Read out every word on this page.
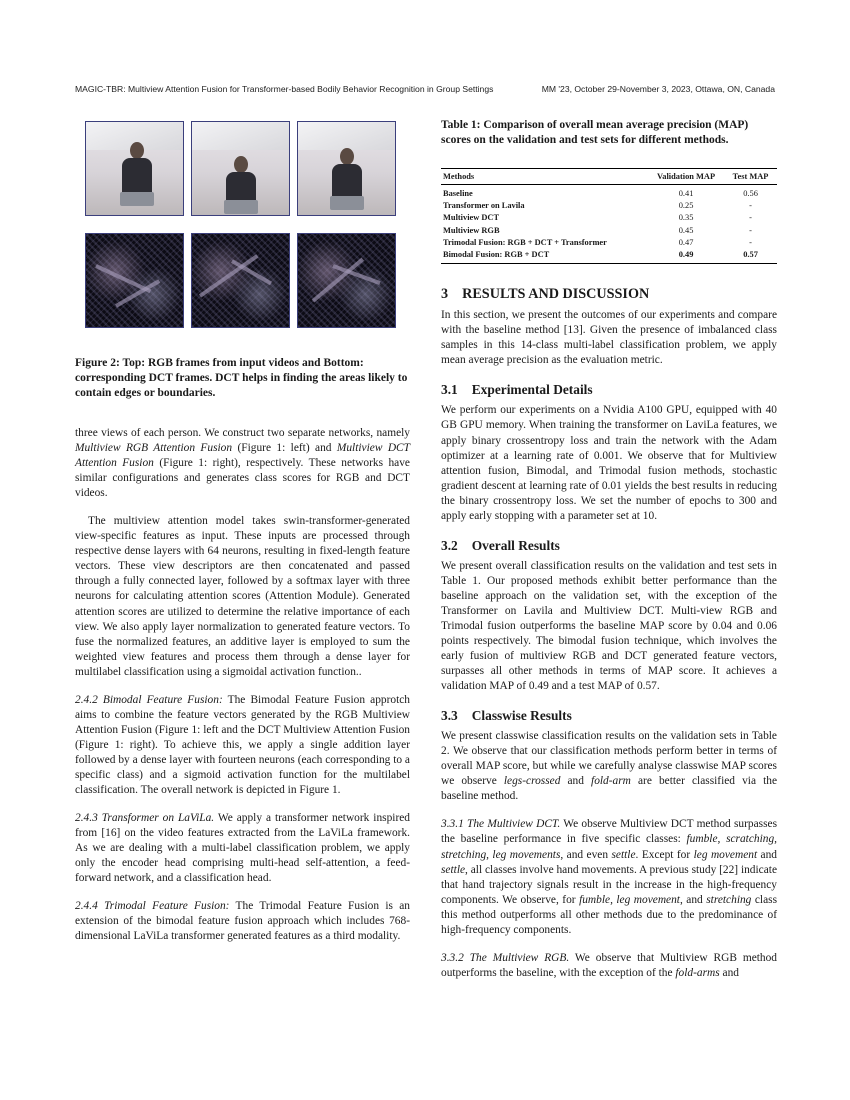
MAGIC-TBR: Multiview Attention Fusion for Transformer-based Bodily Behavior Recognition in Group Settings	MM '23, October 29-November 3, 2023, Ottawa, ON, Canada
Figure 2: Top: RGB frames from input videos and Bottom: corresponding DCT frames. DCT helps in finding the areas likely to contain edges or boundaries.

three views of each person. We construct two separate networks, namely Multiview RGB Attention Fusion (Figure 1: left) and Multiview DCT Attention Fusion (Figure 1: right), respectively. These networks have similar configurations and generates class scores for RGB and DCT videos.

The multiview attention model takes swin-transformer-generated view-specific features as input. These inputs are processed through respective dense layers with 64 neurons, resulting in fixed-length feature vectors. These view descriptors are then concatenated and passed through a fully connected layer, followed by a softmax layer with three neurons for calculating attention scores (Attention Module). Generated attention scores are utilized to determine the relative importance of each view. We also apply layer normalization to generated feature vectors. To fuse the normalized features, an additive layer is employed to sum the weighted view features and process them through a dense layer for multilabel classification using a sigmoidal activation function..

2.4.2 Bimodal Feature Fusion: The Bimodal Feature Fusion approtch aims to combine the feature vectors generated by the RGB Multiview Attention Fusion (Figure 1: left and the DCT Multiview Attention Fusion (Figure 1: right). To achieve this, we apply a single addition layer followed by a dense layer with fourteen neurons (each corresponding to a specific class) and a sigmoid activation function for the multilabel classification. The overall network is depicted in Figure 1.

2.4.3 Transformer on LaViLa. We apply a transformer network inspired from [16] on the video features extracted from the LaViLa framework. As we are dealing with a multi-label classification problem, we apply only the encoder head comprising multi-head self-attention, a feed-forward network, and a classification head.

2.4.4 Trimodal Feature Fusion: The Trimodal Feature Fusion is an extension of the bimodal feature fusion approach which includes 768-dimensional LaViLa transformer generated features as a third modality.

Table 1: Comparison of overall mean average precision (MAP) scores on the validation and test sets for different methods.
Methods	Validation MAP	Test MAP
Baseline	0.41	0.56
Transformer on Lavila	0.25	-
Multiview DCT	0.35	-
Multiview RGB	0.45	-
Trimodal Fusion: RGB + DCT + Transformer	0.47	-
Bimodal Fusion: RGB + DCT	0.49	0.57
3 RESULTS AND DISCUSSION

In this section, we present the outcomes of our experiments and compare with the baseline method [13]. Given the presence of imbalanced class samples in this 14-class multi-label classification problem, we apply mean average precision as the evaluation metric.

3.1 Experimental Details

We perform our experiments on a Nvidia A100 GPU, equipped with 40 GB GPU memory. When training the transformer on LaviLa features, we apply binary crossentropy loss and train the network with the Adam optimizer at a learning rate of 0.001. We observe that for Multiview attention fusion, Bimodal, and Trimodal fusion methods, stochastic gradient descent at learning rate of 0.01 yields the best results in reducing the binary crossentropy loss. We set the number of epochs to 300 and apply early stopping with a parameter set at 10.

3.2 Overall Results

We present overall classification results on the validation and test sets in Table 1. Our proposed methods exhibit better performance than the baseline approach on the validation set, with the exception of the Transformer on Lavila and Multiview DCT. Multi-view RGB and Trimodal fusion outperforms the baseline MAP score by 0.04 and 0.06 points respectively. The bimodal fusion technique, which involves the early fusion of multiview RGB and DCT generated feature vectors, surpasses all other methods in terms of MAP score. It achieves a validation MAP of 0.49 and a test MAP of 0.57.

3.3 Classwise Results

We present classwise classification results on the validation sets in Table 2. We observe that our classification methods perform better in terms of overall MAP score, but while we carefully analyse classwise MAP scores we observe legs-crossed and fold-arm are better classified via the baseline method.

3.3.1 The Multiview DCT. We observe Multiview DCT method surpasses the baseline performance in five specific classes: fumble, scratching, stretching, leg movements, and even settle. Except for leg movement and settle, all classes involve hand movements. A previous study [22] indicate that hand trajectory signals result in the increase in the high-frequency components. We observe, for fumble, leg movement, and stretching class this method outperforms all other methods due to the predominance of high-frequency components.

3.3.2 The Multiview RGB. We observe that Multiview RGB method outperforms the baseline, with the exception of the fold-arms and
